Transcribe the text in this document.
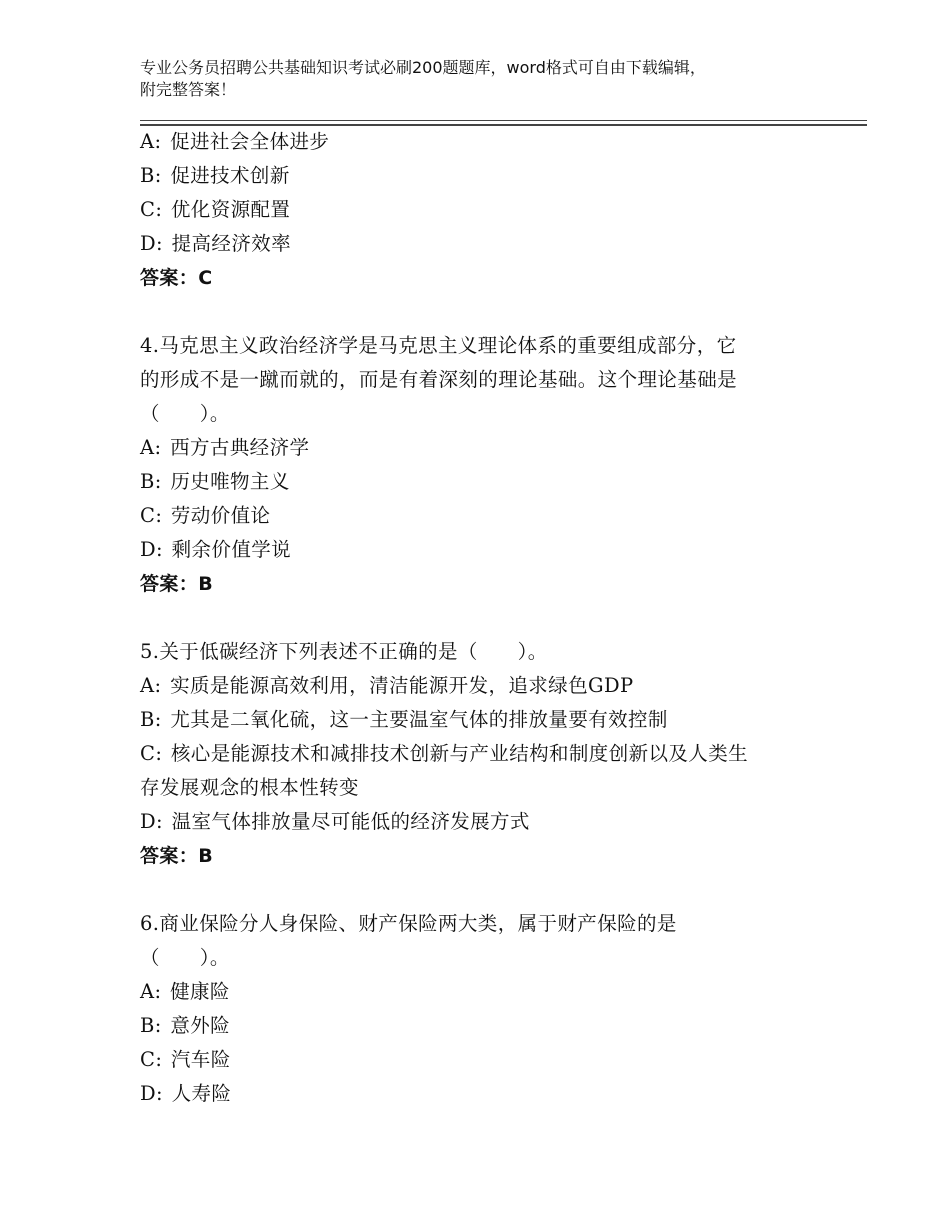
专业公务员招聘公共基础知识考试必刷200题题库，word格式可自由下载编辑，
附完整答案！

A: 促进社会全体进步

B: 促进技术创新

C: 优化资源配置

D: 提高经济效率

答案：C

4.马克思主义政治经济学是马克思主义理论体系的重要组成部分，它

的形成不是一蹴而就的，而是有着深刻的理论基础。这个理论基础是

（　　）。

A: 西方古典经济学

B: 历史唯物主义

C: 劳动价值论

D: 剩余价值学说

答案：B

5.关于低碳经济下列表述不正确的是（　　）。

A: 实质是能源高效利用，清洁能源开发，追求绿色GDP

B: 尤其是二氧化硫，这一主要温室气体的排放量要有效控制

C: 核心是能源技术和减排技术创新与产业结构和制度创新以及人类生

存发展观念的根本性转变

D: 温室气体排放量尽可能低的经济发展方式

答案：B

6.商业保险分人身保险、财产保险两大类，属于财产保险的是

（　　）。

A: 健康险

B: 意外险

C: 汽车险

D: 人寿险
